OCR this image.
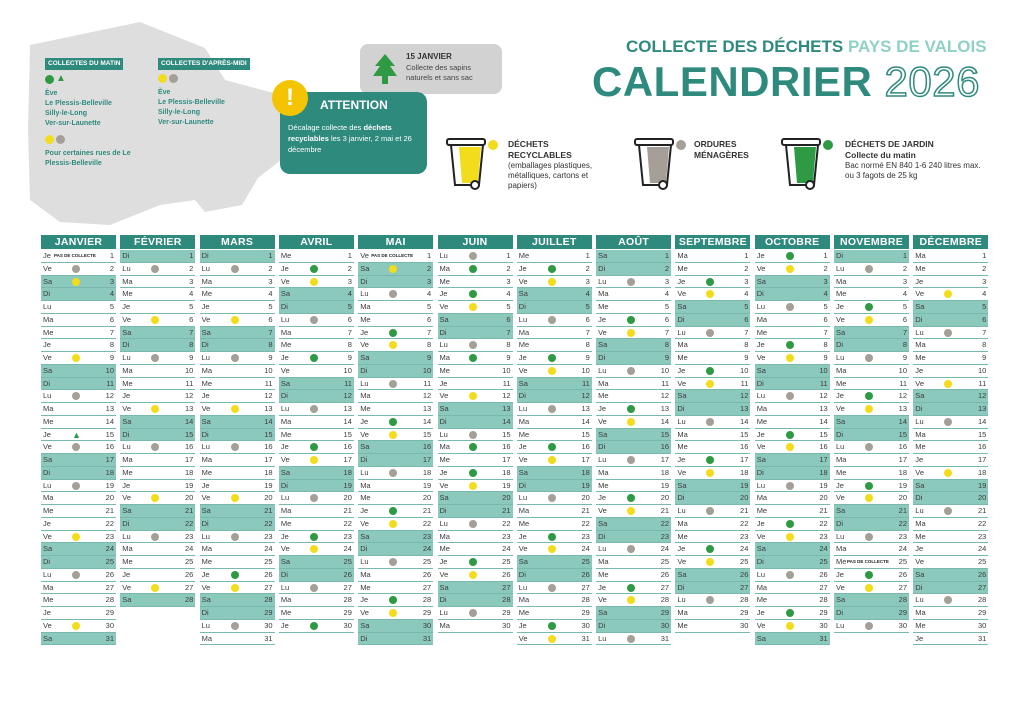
COLLECTES DU MATIN
▲
Ève
Le Plessis-Belleville
Silly-le-Long
Ver-sur-Launette

Pour certaines rues de Le Plessis-Belleville
COLLECTES D'APRÈS-MIDI

Ève
Le Plessis-Belleville
Silly-le-Long
Ver-sur-Launette
15 JANVIER
Collecte des sapins naturels et sans sac
ATTENTION
Décalage collecte des déchets recyclables les 3 janvier, 2 mai et 26 décembre
!
COLLECTE DES DÉCHETS PAYS DE VALOIS
CALENDRIER 2026
DÉCHETS RECYCLABLES
(emballages plastiques, métalliques, cartons et papiers)
ORDURES MÉNAGÈRES
DÉCHETS DE JARDIN
Collecte du matin
Bac normé EN 840 1-6 240 litres max. ou 3 fagots de 25 kg
JANVIER
Je PAS DE COLLECTE 1
Ve	2
Sa	3
Di	4
Lu	5
Ma	6
Me	7
Je	8
Ve	9
Sa	10
Di	11
Lu	12
Ma	13
Me	14
Je ▲	15
Ve	16
Sa	17
Di	18
Lu	19
Ma	20
Me	21
Je	22
Ve	23
Sa	24
Di	25
Lu	26
Ma	27
Me	28
Je	29
Ve	30
Sa	31
FÉVRIER
Di	1
Lu	2
Ma	3
Me	4
Je	5
Ve	6
Sa	7
Di	8
Lu	9
Ma	10
Me	11
Je	12
Ve	13
Sa	14
Di	15
Lu	16
Ma	17
Me	18
Je	19
Ve	20
Sa	21
Di	22
Lu	23
Ma	24
Me	25
Je	26
Ve	27
Sa	28
MARS
Di	1
Lu	2
Ma	3
Me	4
Je	5
Ve	6
Sa	7
Di	8
Lu	9
Ma	10
Me	11
Je	12
Ve	13
Sa	14
Di	15
Lu	16
Ma	17
Me	18
Je	19
Ve	20
Sa	21
Di	22
Lu	23
Ma	24
Me	25
Je	26
Ve	27
Sa	28
Di	29
Lu	30
Ma	31
AVRIL
Me	1
Je	2
Ve	3
Sa	4
Di	5
Lu	6
Ma	7
Me	8
Je	9
Ve	10
Sa	11
Di	12
Lu	13
Ma	14
Me	15
Je	16
Ve	17
Sa	18
Di	19
Lu	20
Ma	21
Me	22
Je	23
Ve	24
Sa	25
Di	26
Lu	27
Ma	28
Me	29
Je	30
MAI
Ve PAS DE COLLECTE 1
Sa	2
Di	3
Lu	4
Ma	5
Me	6
Je	7
Ve	8
Sa	9
Di	10
Lu	11
Ma	12
Me	13
Je	14
Ve	15
Sa	16
Di	17
Lu	18
Ma	19
Me	20
Je	21
Ve	22
Sa	23
Di	24
Lu	25
Ma	26
Me	27
Je	28
Ve	29
Sa	30
Di	31
JUIN
Lu	1
Ma	2
Me	3
Je	4
Ve	5
Sa	6
Di	7
Lu	8
Ma	9
Me	10
Je	11
Ve	12
Sa	13
Di	14
Lu	15
Ma	16
Me	17
Je	18
Ve	19
Sa	20
Di	21
Lu	22
Ma	23
Me	24
Je	25
Ve	26
Sa	27
Di	28
Lu	29
Ma	30
JUILLET
Me	1
Je	2
Ve	3
Sa	4
Di	5
Lu	6
Ma	7
Me	8
Je	9
Ve	10
Sa	11
Di	12
Lu	13
Ma	14
Me	15
Je	16
Ve	17
Sa	18
Di	19
Lu	20
Ma	21
Me	22
Je	23
Ve	24
Sa	25
Di	26
Lu	27
Ma	28
Me	29
Je	30
Ve	31
AOÛT
Sa	1
Di	2
Lu	3
Ma	4
Me	5
Je	6
Ve	7
Sa	8
Di	9
Lu	10
Ma	11
Me	12
Je	13
Ve	14
Sa	15
Di	16
Lu	17
Ma	18
Me	19
Je	20
Ve	21
Sa	22
Di	23
Lu	24
Ma	25
Me	26
Je	27
Ve	28
Sa	29
Di	30
Lu	31
SEPTEMBRE
Ma	1
Me	2
Je	3
Ve	4
Sa	5
Di	6
Lu	7
Ma	8
Me	9
Je	10
Ve	11
Sa	12
Di	13
Lu	14
Ma	15
Me	16
Je	17
Ve	18
Sa	19
Di	20
Lu	21
Ma	22
Me	23
Je	24
Ve	25
Sa	26
Di	27
Lu	28
Ma	29
Me	30
OCTOBRE
Je	1
Ve	2
Sa	3
Di	4
Lu	5
Ma	6
Me	7
Je	8
Ve	9
Sa	10
Di	11
Lu	12
Ma	13
Me	14
Je	15
Ve	16
Sa	17
Di	18
Lu	19
Ma	20
Me	21
Je	22
Ve	23
Sa	24
Di	25
Lu	26
Ma	27
Me	28
Je	29
Ve	30
Sa	31
NOVEMBRE
Di	1
Lu	2
Ma	3
Me	4
Je	5
Ve	6
Sa	7
Di	8
Lu	9
Ma	10
Me	11
Je	12
Ve	13
Sa	14
Di	15
Lu	16
Ma	17
Me	18
Je	19
Ve	20
Sa	21
Di	22
Lu	23
Ma	24
Me PAS DE COLLECTE 25
Je	26
Ve	27
Sa	28
Di	29
Lu	30
DÉCEMBRE
Ma	1
Me	2
Je	3
Ve	4
Sa	5
Di	6
Lu	7
Ma	8
Me	9
Je	10
Ve	11
Sa	12
Di	13
Lu	14
Ma	15
Me	16
Je	17
Ve	18
Sa	19
Di	20
Lu	21
Ma	22
Me	23
Je	24
Ve	25
Sa	26
Di	27
Lu	28
Ma	29
Me	30
Je	31
